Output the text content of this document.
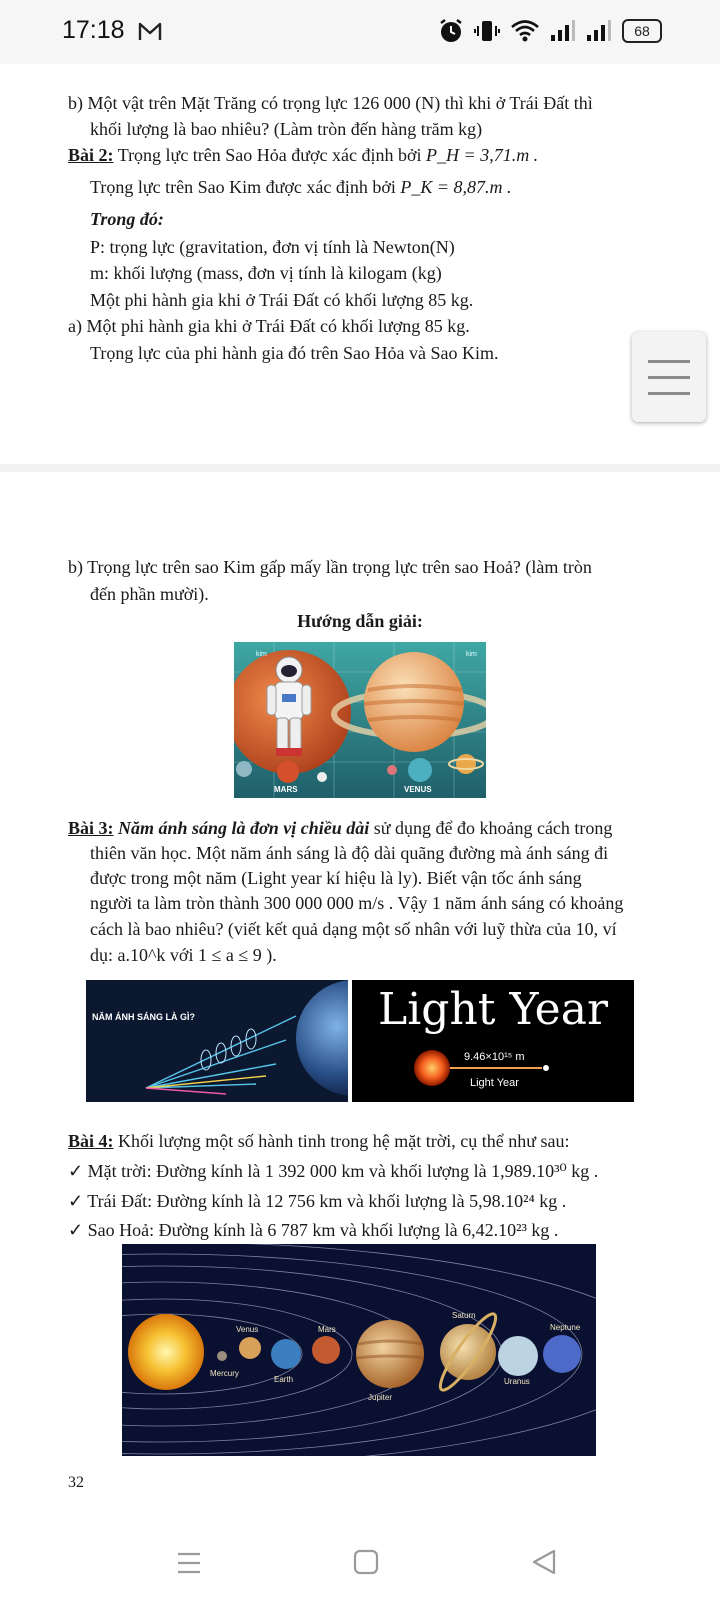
17:18	68
b) Một vật trên Mặt Trăng có trọng lực 126 000 (N) thì khi ở Trái Đất thì
khối lượng là bao nhiêu? (Làm tròn đến hàng trăm kg)
Bài 2: Trọng lực trên Sao Hỏa được xác định bởi P_H = 3,71.m .
Trọng lực trên Sao Kim được xác định bởi P_K = 8,87.m .
Trong đó:
P: trọng lực (gravitation, đơn vị tính là Newton(N)
m: khối lượng (mass, đơn vị tính là kilogam (kg)
Một phi hành gia khi ở Trái Đất có khối lượng 85 kg.
a) Một phi hành gia khi ở Trái Đất có khối lượng 85 kg.
Trọng lực của phi hành gia đó trên Sao Hỏa và Sao Kim.
b) Trọng lực trên sao Kim gấp mấy lần trọng lực trên sao Hoả? (làm tròn
đến phần mười).
Hướng dẫn giải:
kim	kim
MARS	VENUS
Bài 3: Năm ánh sáng là đơn vị chiều dài sử dụng để đo khoảng cách trong
thiên văn học. Một năm ánh sáng là độ dài quãng đường mà ánh sáng đi
được trong một năm (Light year kí hiệu là ly). Biết vận tốc ánh sáng
người ta làm tròn thành 300 000 000 m/s . Vậy 1 năm ánh sáng có khoảng
cách là bao nhiêu? (viết kết quả dạng một số nhân với luỹ thừa của 10, ví
dụ: a.10^k với 1 ≤ a ≤ 9 ).
NĂM ÁNH SÁNG LÀ GÌ?	Light Year
9.46×10¹⁵ m
Light Year
Bài 4: Khối lượng một số hành tinh trong hệ mặt trời, cụ thể như sau:
✓ Mặt trời: Đường kính là 1 392 000 km và khối lượng là 1,989.10³⁰ kg .
✓ Trái Đất: Đường kính là 12 756 km và khối lượng là 5,98.10²⁴ kg .
✓ Sao Hoả: Đường kính là 6 787 km và khối lượng là 6,42.10²³ kg .
Venus	Mars
Mercury
Earth
Jupiter
Saturn
Uranus
Neptune
32
